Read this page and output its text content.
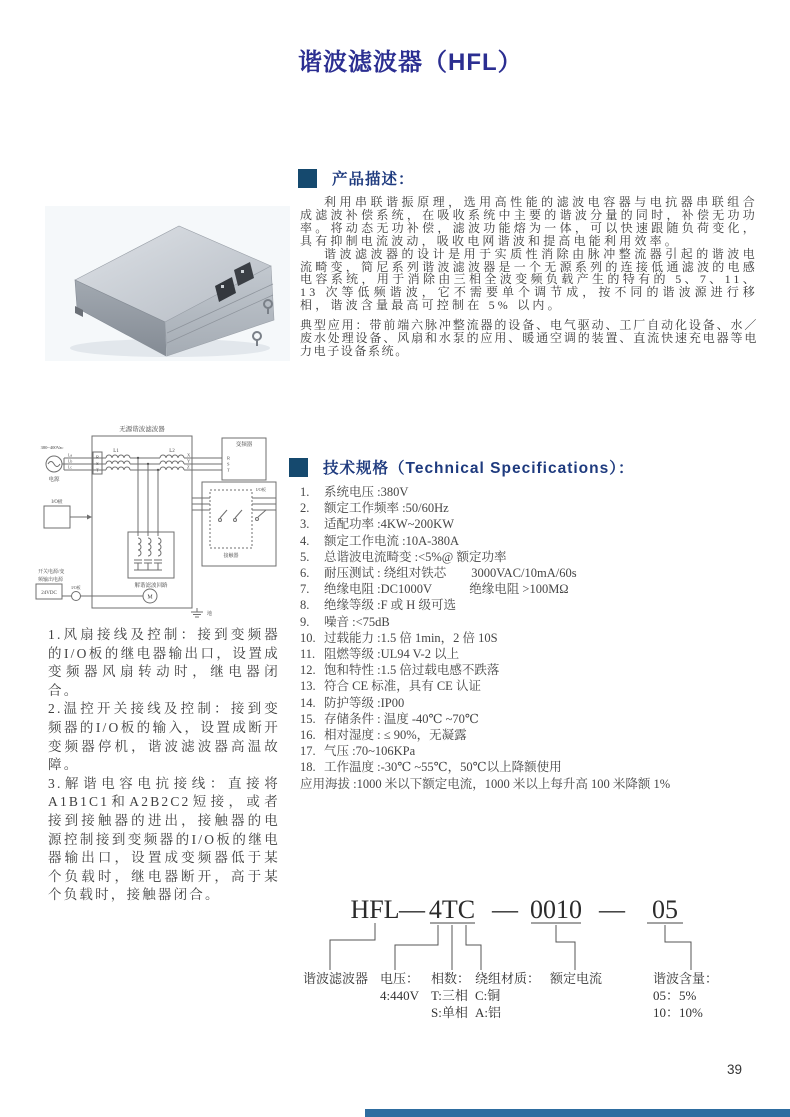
谐波滤波器（HFL）
产品描述：

利用串联谐振原理，选用高性能的滤波电容器与电抗器串联组合成滤波补偿系统，在吸收系统中主要的谐波分量的同时，补偿无功功率。将动态无功补偿，滤波功能熔为一体，可以快速跟随负荷变化，具有抑制电流波动，吸收电网谐波和提高电能利用效率。

谐波滤波器的设计是用于实质性消除由脉冲整流器引起的谐波电流畸变，简尼系列谐波滤波器是一个无源系列的连接低通滤波的电感电容系统，用于消除由三相全波变频负载产生的特有的 5、7、11、13 次等低频谐波，它不需要单个调节成，按不同的谐波源进行移相，谐波含量最高可控制在 5% 以内。

典型应用：带前端六脉冲整流器的设备、电气驱动、工厂自动化设备、水／废水处理设备、风扇和水泵的应用、暖通空调的装置、直流快速充电器等电力电子设备系统。

无源谐波滤波器
380~400Vac
电源
La
Lb
Lc
R
S
T
L1	L2
X
Y
Z
变频器
R
S
T
I/O板
接触器
I/O板
解谐滤波回路
开关电源/变
频输出电源
24VDC
I/O板
M
地

1.风扇接线及控制：接到变频器的I/O板的继电器输出口，设置成变频器风扇转动时，继电器闭合。

2.温控开关接线及控制：接到变频器的I/O板的输入，设置成断开变频器停机，谐波滤波器高温故障。

3.解谐电容电抗接线：直接将A1B1C1和A2B2C2短接，或者接到接触器的进出，接触器的电源控制接到变频器的I/O板的继电器输出口，设置成变频器低于某个负载时，继电器断开，高于某个负载时，接触器闭合。

技术规格（Technical Specifications）：
1. 系统电压 :380V
2. 额定工作频率 :50/60Hz
3. 适配功率 :4KW~200KW
4. 额定工作电流 :10A-380A
5. 总谐波电流畸变 :<5%@ 额定功率
6. 耐压测试 : 绕组对铁芯　　3000VAC/10mA/60s
7. 绝缘电阻 :DC1000V　　　绝缘电阻 >100MΩ
8. 绝缘等级 :F 或 H 级可选
9. 噪音 :<75dB
10. 过载能力 :1.5 倍 1min，2 倍 10S
11. 阻燃等级 :UL94 V-2 以上
12. 饱和特性 :1.5 倍过载电感不跌落
13. 符合 CE 标准，具有 CE 认证
14. 防护等级 :IP00
15. 存储条件 : 温度 -40℃ ~70℃
16. 相对湿度 : ≤ 90%，无凝露
17. 气压 :70~106KPa
18. 工作温度 :-30℃ ~55℃，50℃以上降额使用

应用海拔 :1000 米以下额定电流，1000 米以上每升高 100 米降额 1%

HFL — 4TC — 0010 — 05
谐波滤波器 电压：
4:440V
相数：
T:三相
S:单相
绕组材质：
C:铜
A:铝
额定电流	谐波含量：
05：5%
10：10%
39
